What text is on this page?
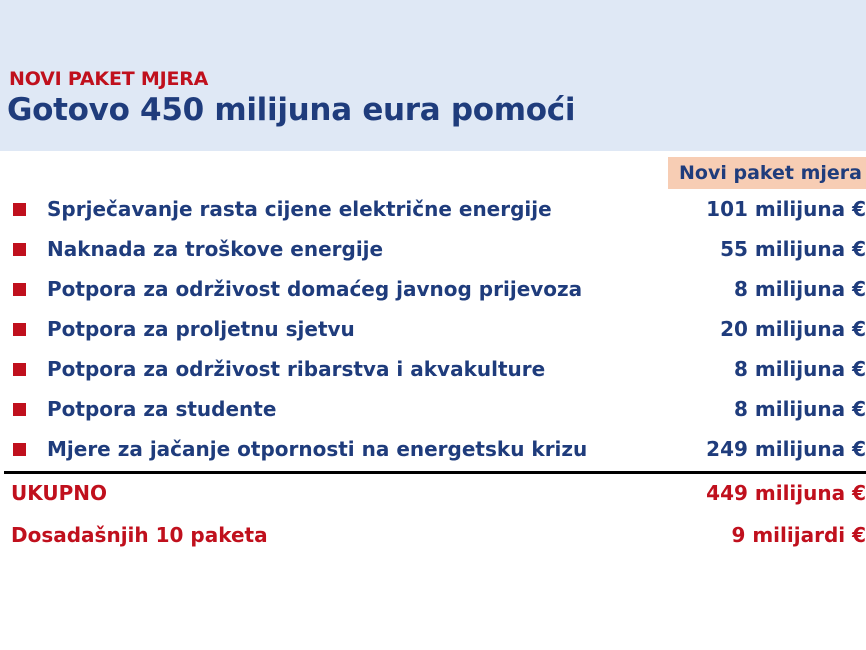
NOVI PAKET MJERA
Gotovo 450 milijuna eura pomoći
Novi paket mjera
Sprječavanje rasta cijene električne energije	101 milijuna €
Naknada za troškove energije	55 milijuna €
Potpora za održivost domaćeg javnog prijevoza	8 milijuna €
Potpora za proljetnu sjetvu	20 milijuna €
Potpora za održivost ribarstva i akvakulture	8 milijuna €
Potpora za studente	8 milijuna €
Mjere za jačanje otpornosti na energetsku krizu	249 milijuna €
UKUPNO	449 milijuna €
Dosadašnjih 10 paketa	9 milijardi €
